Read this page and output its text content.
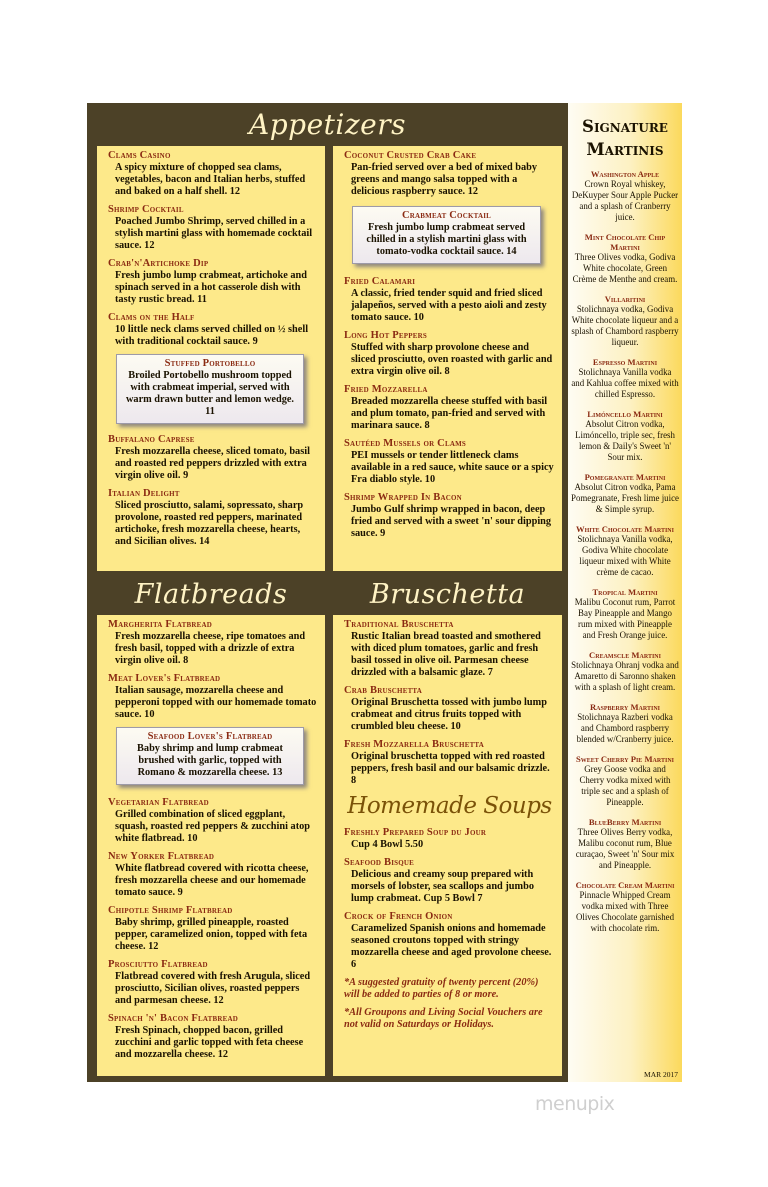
Appetizers
Clams Casino
A spicy mixture of chopped sea clams, vegetables, bacon and Italian herbs, stuffed and baked on a half shell. 12
Shrimp Cocktail
Poached Jumbo Shrimp, served chilled in a stylish martini glass with homemade cocktail sauce. 12
Crab'n'Artichoke Dip
Fresh jumbo lump crabmeat, artichoke and spinach served in a hot casserole dish with tasty rustic bread. 11
Clams on the Half
10 little neck clams served chilled on ½ shell with traditional cocktail sauce. 9
Stuffed Portobello
Broiled Portobello mushroom topped with crabmeat imperial, served with warm drawn butter and lemon wedge. 11
Buffalano Caprese
Fresh mozzarella cheese, sliced tomato, basil and roasted red peppers drizzled with extra virgin olive oil. 9
Italian Delight
Sliced prosciutto, salami, sopressato, sharp provolone, roasted red peppers, marinated artichoke, fresh mozzarella cheese, hearts, and Sicilian olives. 14
Coconut Crusted Crab Cake
Pan-fried served over a bed of mixed baby greens and mango salsa topped with a delicious raspberry sauce. 12
Crabmeat Cocktail
Fresh jumbo lump crabmeat served chilled in a stylish martini glass with tomato-vodka cocktail sauce. 14
Fried Calamari
A classic, fried tender squid and fried sliced jalapeños, served with a pesto aioli and zesty tomato sauce. 10
Long Hot Peppers
Stuffed with sharp provolone cheese and sliced prosciutto, oven roasted with garlic and extra virgin olive oil. 8
Fried Mozzarella
Breaded mozzarella cheese stuffed with basil and plum tomato, pan-fried and served with marinara sauce. 8
Sautéed Mussels or Clams
PEI mussels or tender littleneck clams available in a red sauce, white sauce or a spicy Fra diablo style. 10
Shrimp Wrapped In Bacon
Jumbo Gulf shrimp wrapped in bacon, deep fried and served with a sweet 'n' sour dipping sauce. 9
Flatbreads	Bruschetta
Margherita Flatbread
Fresh mozzarella cheese, ripe tomatoes and fresh basil, topped with a drizzle of extra virgin olive oil. 8
Meat Lover's Flatbread
Italian sausage, mozzarella cheese and pepperoni topped with our homemade tomato sauce. 10
Seafood Lover's Flatbread
Baby shrimp and lump crabmeat brushed with garlic, topped with Romano & mozzarella cheese. 13
Vegetarian Flatbread
Grilled combination of sliced eggplant, squash, roasted red peppers & zucchini atop white flatbread. 10
New Yorker Flatbread
White flatbread covered with ricotta cheese, fresh mozzarella cheese and our homemade tomato sauce. 9
Chipotle Shrimp Flatbread
Baby shrimp, grilled pineapple, roasted pepper, caramelized onion, topped with feta cheese. 12
Prosciutto Flatbread
Flatbread covered with fresh Arugula, sliced prosciutto, Sicilian olives, roasted peppers and parmesan cheese. 12
Spinach 'n' Bacon Flatbread
Fresh Spinach, chopped bacon, grilled zucchini and garlic topped with feta cheese and mozzarella cheese. 12
Traditional Bruschetta
Rustic Italian bread toasted and smothered with diced plum tomatoes, garlic and fresh basil tossed in olive oil. Parmesan cheese drizzled with a balsamic glaze. 7
Crab Bruschetta
Original Bruschetta tossed with jumbo lump crabmeat and citrus fruits topped with crumbled bleu cheese. 10
Fresh Mozzarella Bruschetta
Original bruschetta topped with red roasted peppers, fresh basil and our balsamic drizzle. 8
Homemade Soups
Freshly Prepared Soup du Jour
Cup 4 Bowl 5.50
Seafood Bisque
Delicious and creamy soup prepared with morsels of lobster, sea scallops and jumbo lump crabmeat. Cup 5 Bowl 7
Crock of French Onion
Caramelized Spanish onions and homemade seasoned croutons topped with stringy mozzarella cheese and aged provolone cheese. 6
*A suggested gratuity of twenty percent (20%) will be added to parties of 8 or more.
*All Groupons and Living Social Vouchers are not valid on Saturdays or Holidays.
Signature
Martinis
Washington Apple
Crown Royal whiskey, DeKuyper Sour Apple Pucker and a splash of Cranberry juice.
Mint Chocolate Chip Martini
Three Olives vodka, Godiva White chocolate, Green Crème de Menthe and cream.
Villaritini
Stolichnaya vodka, Godiva White chocolate liqueur and a splash of Chambord raspberry liqueur.
Espresso Martini
Stolichnaya Vanilla vodka and Kahlua coffee mixed with chilled Espresso.
Limóncello Martini
Absolut Citron vodka, Limóncello, triple sec, fresh lemon & Daily's Sweet 'n' Sour mix.
Pomegranate Martini
Absolut Citron vodka, Pama Pomegranate, Fresh lime juice & Simple syrup.
White Chocolate Martini
Stolichnaya Vanilla vodka, Godiva White chocolate liqueur mixed with White crème de cacao.
Tropical Martini
Malibu Coconut rum, Parrot Bay Pineapple and Mango rum mixed with Pineapple and Fresh Orange juice.
Creamscle Martini
Stolichnaya Ohranj vodka and Amaretto di Saronno shaken with a splash of light cream.
Raspberry Martini
Stolichnaya Razberi vodka and Chambord raspberry blended w/Cranberry juice.
Sweet Cherry Pie Martini
Grey Goose vodka and Cherry vodka mixed with triple sec and a splash of Pineapple.
BlueBerry Martini
Three Olives Berry vodka, Malibu coconut rum, Blue curaçao, Sweet 'n' Sour mix and Pineapple.
Chocolate Cream Martini
Pinnacle Whipped Cream vodka mixed with Three Olives Chocolate garnished with chocolate rim.
MAR 2017
menupix
